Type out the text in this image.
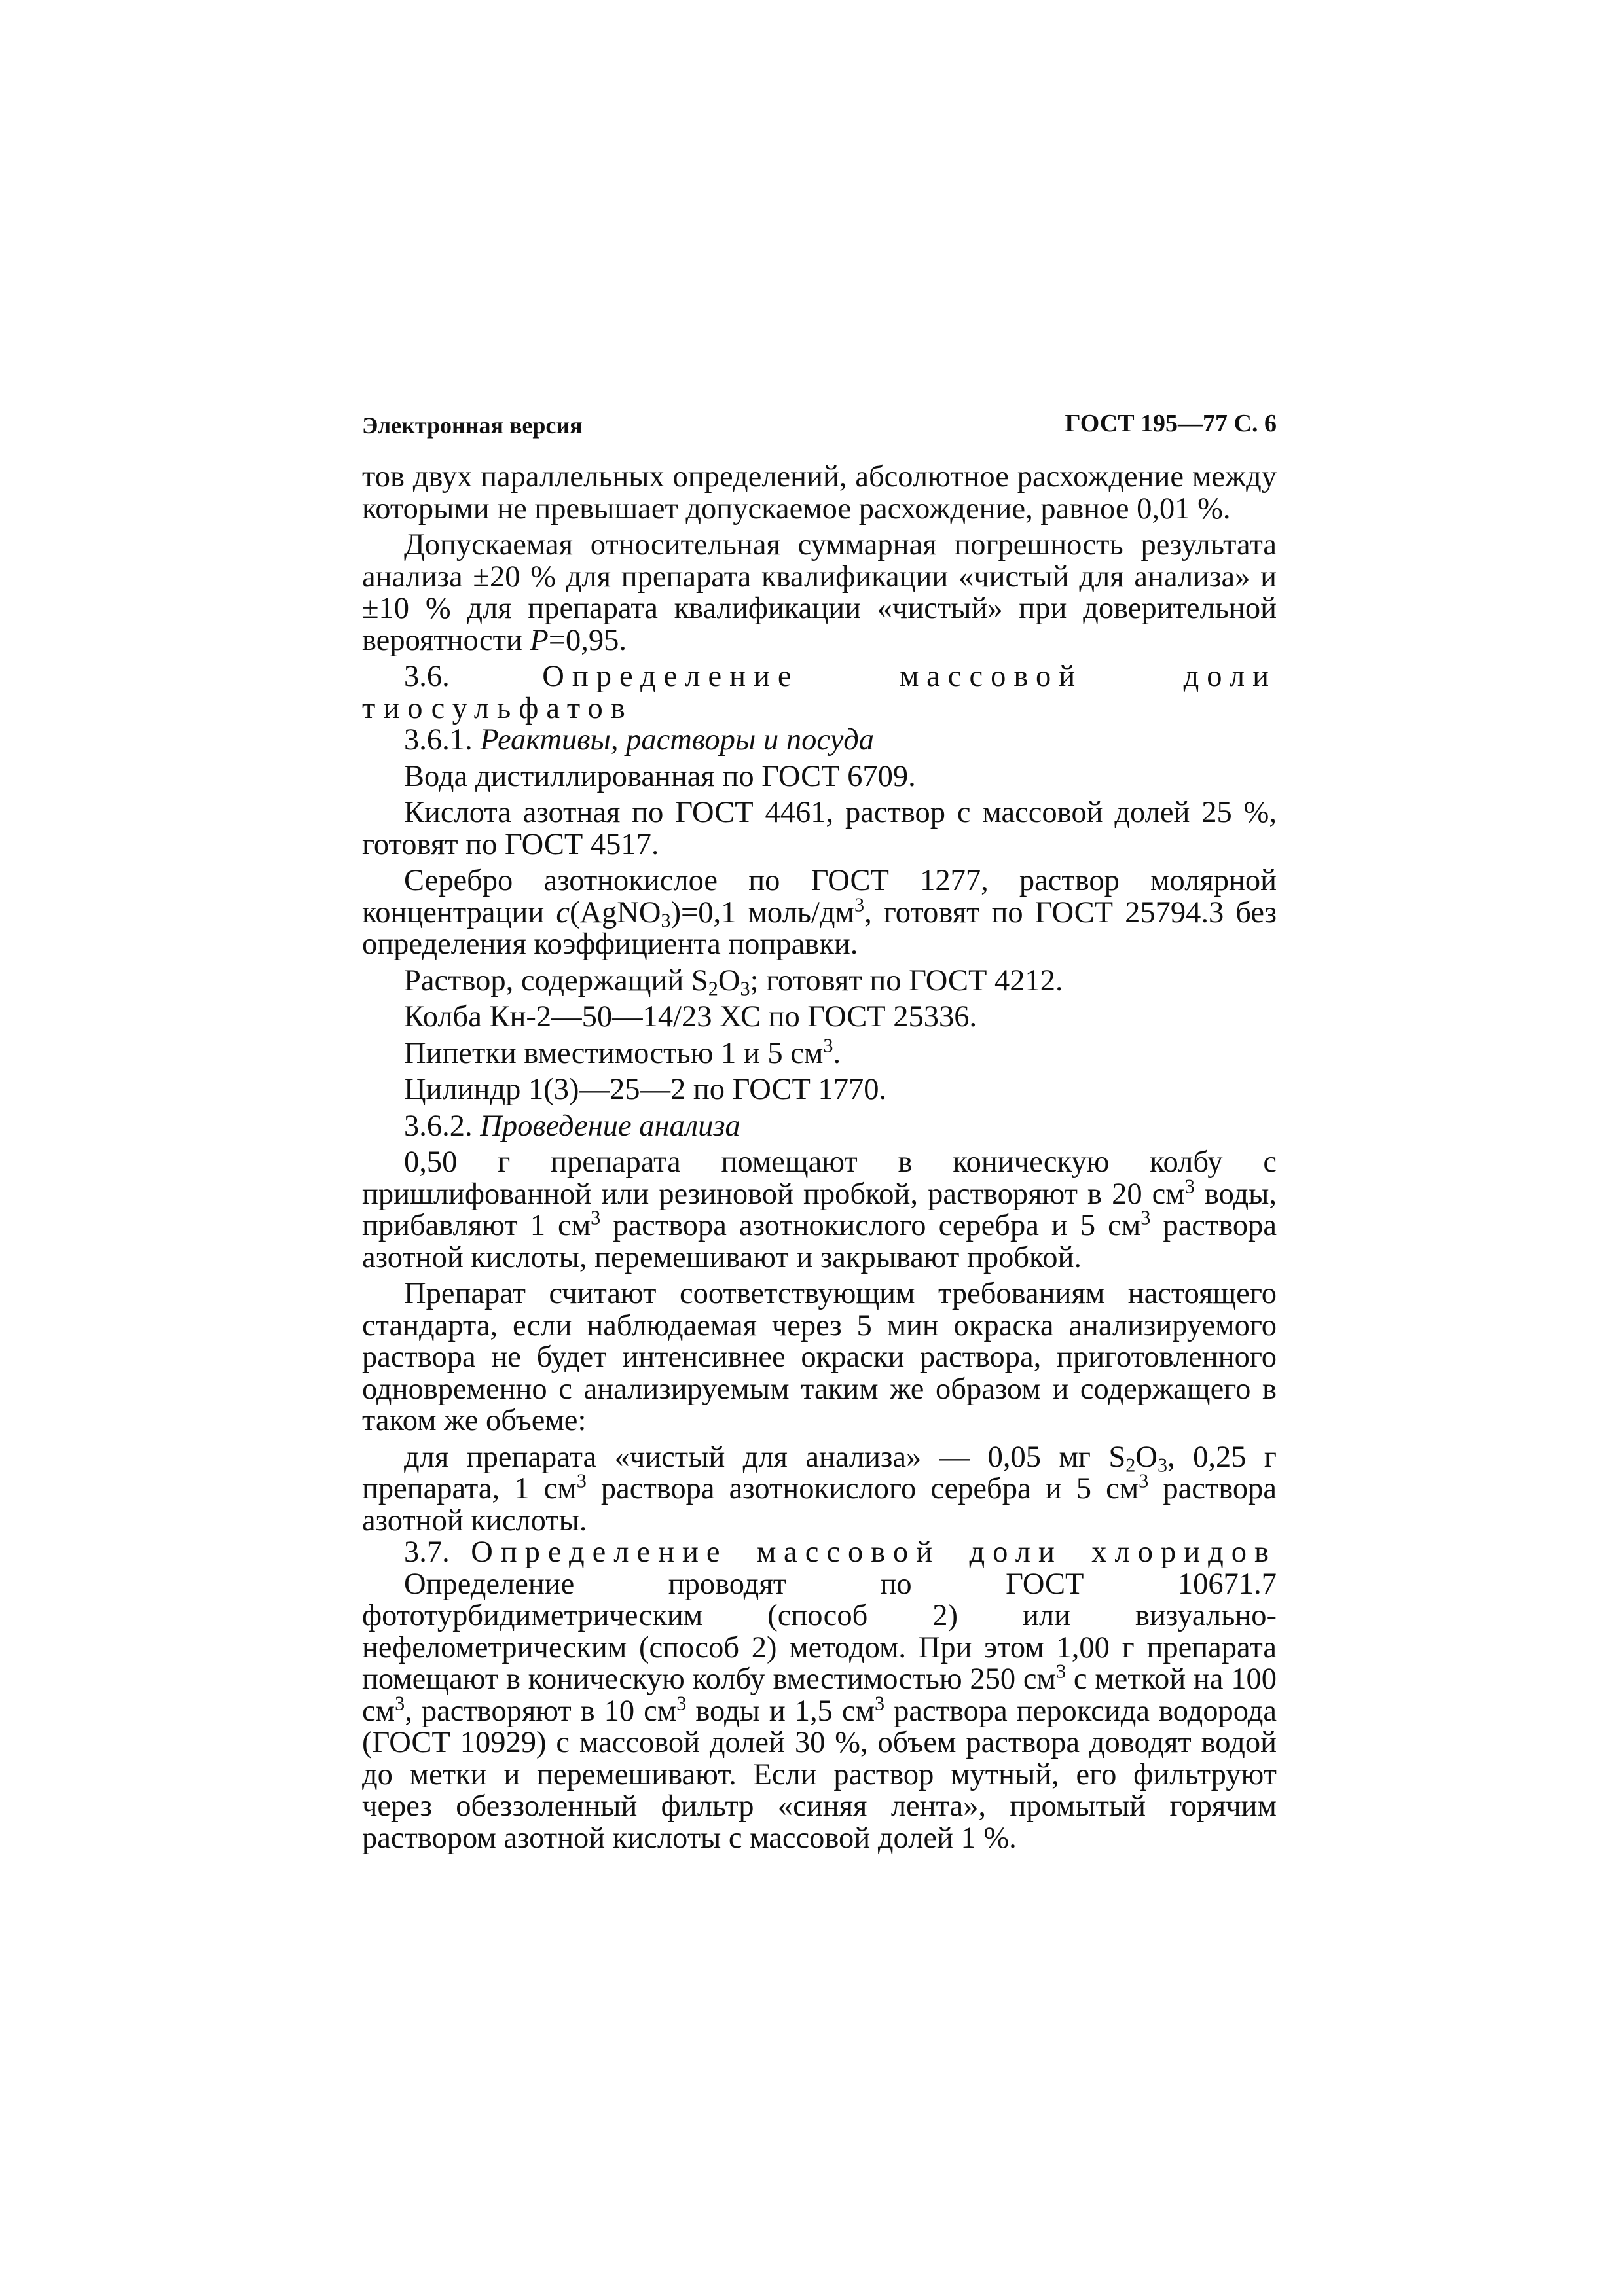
Электронная версия	ГОСТ 195—77 С. 6

тов двух параллельных определений, абсолютное расхождение между которыми не превышает допускаемое расхождение, равное 0,01 %.

Допускаемая относительная суммарная погрешность результата анализа ±20 % для препарата квалификации «чистый для анализа» и ±10 % для препарата квалификации «чистый» при доверительной вероятности Р=0,95.

3.6.	Определение массовой доли тиосульфатов

3.6.1. Реактивы, растворы и посуда

Вода дистиллированная по ГОСТ 6709.

Кислота азотная по ГОСТ 4461, раствор с массовой долей 25 %, готовят по ГОСТ 4517.

Серебро азотнокислое по ГОСТ 1277, раствор молярной концентрации с(AgNO$_3$)=0,1 моль/$дм^3$, готовят по ГОСТ 25794.3 без определения коэффициента поправки.

Раствор, содержащий $S_2O_3$; готовят по ГОСТ 4212.

Колба Кн-2—50—14/23 ХС по ГОСТ 25336.

Пипетки вместимостью 1 и 5 $см^3$.

Цилиндр 1(3)—25—2 по ГОСТ 1770.

3.6.2. Проведение анализа

0,50 г препарата помещают в коническую колбу с пришлифованной или резиновой пробкой, растворяют в 20 $см^3$ воды, прибавляют 1 $см^3$ раствора азотнокислого серебра и 5 $см^3$ раствора азотной кислоты, перемешивают и закрывают пробкой.

Препарат считают соответствующим требованиям настоящего стандарта, если наблюдаемая через 5 мин окраска анализируемого раствора не будет интенсивнее окраски раствора, приготовленного одновременно с анализируемым таким же образом и содержащего в таком же объеме:

для препарата «чистый для анализа» — 0,05 мг $S_2O_3$, 0,25 г препарата, 1 $см^3$ раствора азотнокислого серебра и 5 $см^3$ раствора азотной кислоты.

3.7. Определение массовой доли хлоридов

Определение проводят по ГОСТ 10671.7 фототурбидиметрическим (способ 2) или визуально-нефелометрическим (способ 2) методом. При этом 1,00 г препарата помещают в коническую колбу вместимостью 250 $см^3$ с меткой на 100 $см^3$, растворяют в 10 $см^3$ воды и 1,5 $см^3$ раствора пероксида водорода (ГОСТ 10929) с массовой долей 30 %, объем раствора доводят водой до метки и перемешивают. Если раствор мутный, его фильтруют через обеззоленный фильтр «синяя лента», промытый горячим раствором азотной кислоты с массовой долей 1 %.
